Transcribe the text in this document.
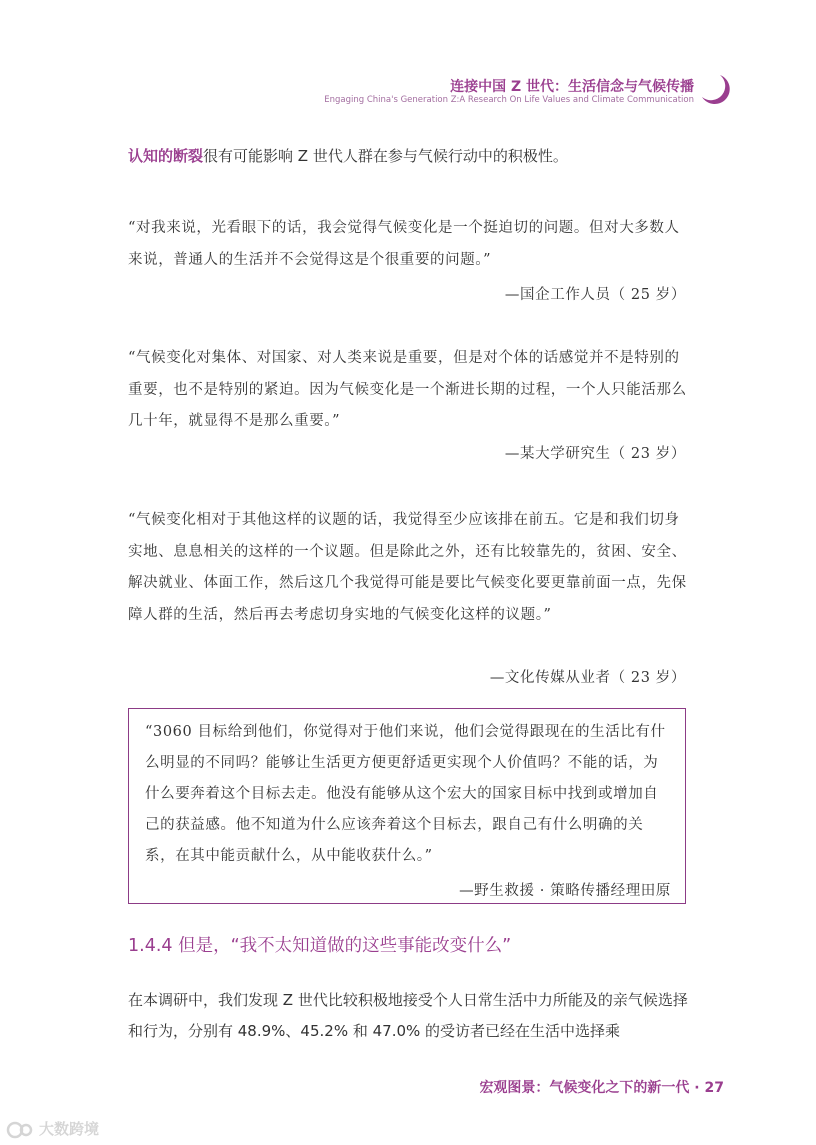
连接中国 Z 世代：生活信念与气候传播
Engaging China's Generation Z:A Research On Life Values and Climate Communication
认知的断裂很有可能影响 Z 世代人群在参与气候行动中的积极性。
“对我来说，光看眼下的话，我会觉得气候变化是一个挺迫切的问题。但对大多数人来说，普通人的生活并不会觉得这是个很重要的问题。”
—国企工作人员（ 25 岁）
“气候变化对集体、对国家、对人类来说是重要，但是对个体的话感觉并不是特别的重要，也不是特别的紧迫。因为气候变化是一个渐进长期的过程，一个人只能活那么几十年，就显得不是那么重要。”
—某大学研究生（ 23 岁）
“气候变化相对于其他这样的议题的话，我觉得至少应该排在前五。它是和我们切身实地、息息相关的这样的一个议题。但是除此之外，还有比较靠先的，贫困、安全、解决就业、体面工作，然后这几个我觉得可能是要比气候变化要更靠前面一点，先保障人群的生活，然后再去考虑切身实地的气候变化这样的议题。”
—文化传媒从业者（ 23 岁）
“3060 目标给到他们，你觉得对于他们来说，他们会觉得跟现在的生活比有什么明显的不同吗？能够让生活更方便更舒适更实现个人价值吗？不能的话，为什么要奔着这个目标去走。他没有能够从这个宏大的国家目标中找到或增加自己的获益感。他不知道为什么应该奔着这个目标去，跟自己有什么明确的关系，在其中能贡献什么，从中能收获什么。”
—野生救援 · 策略传播经理田原
1.4.4 但是，“我不太知道做的这些事能改变什么”
在本调研中，我们发现 Z 世代比较积极地接受个人日常生活中力所能及的亲气候选择和行为，分别有 48.9%、45.2% 和 47.0% 的受访者已经在生活中选择乘
宏观图景：气候变化之下的新一代 · 27
大数跨境
